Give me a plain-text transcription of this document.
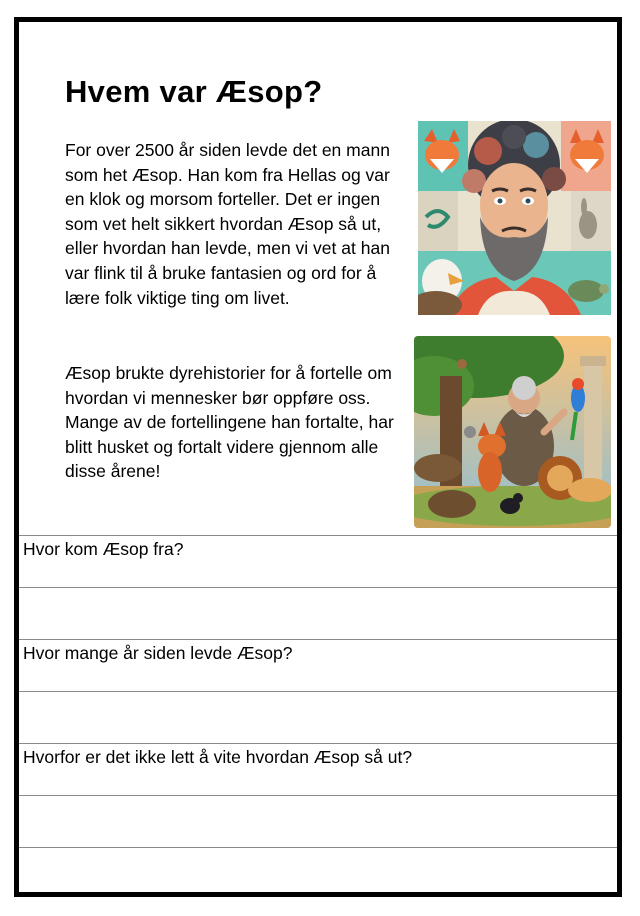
Hvem var Æsop?

For over 2500 år siden levde det en mann som het Æsop. Han kom fra Hellas og var en klok og morsom forteller. Det er ingen som vet helt sikkert hvordan Æsop så ut, eller hvordan han levde, men vi vet at han var flink til å bruke fantasien og ord for å lære folk viktige ting om livet.

Æsop brukte dyrehistorier for å fortelle om hvordan vi mennesker bør oppføre oss. Mange av de fortellingene han fortalte, har blitt husket og fortalt videre gjennom alle disse årene!

Hvor kom Æsop fra?
Hvor mange år siden levde Æsop?
Hvorfor er det ikke lett å vite hvordan Æsop så ut?
